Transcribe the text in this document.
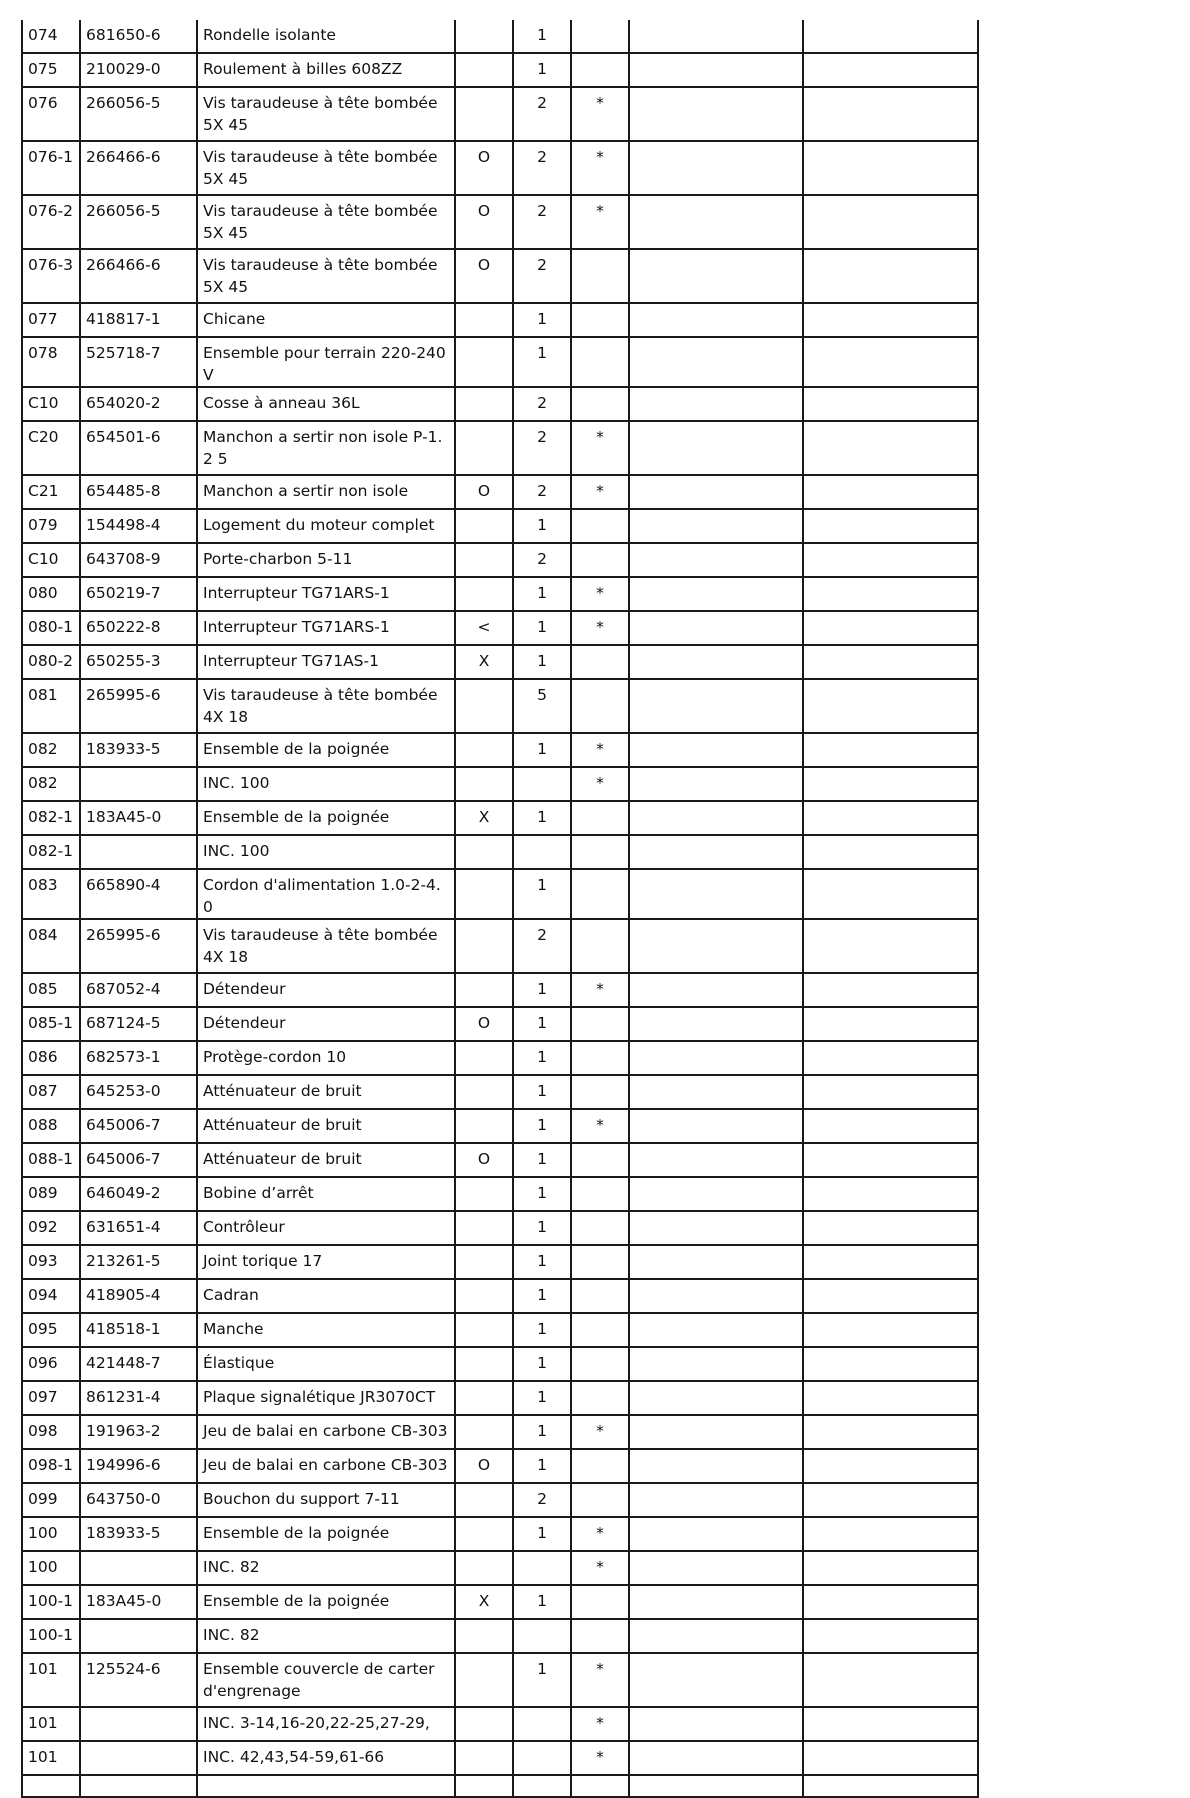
074	681650-6	Rondelle isolante		1			

075	210029-0	Roulement à billes 608ZZ		1			

076	266056-5	Vis taraudeuse à tête bombée 5X 45		2	*		

076-1	266466-6	Vis taraudeuse à tête bombée 5X 45	O	2	*		

076-2	266056-5	Vis taraudeuse à tête bombée 5X 45	O	2	*		

076-3	266466-6	Vis taraudeuse à tête bombée 5X 45	O	2			

077	418817-1	Chicane		1			

078	525718-7	Ensemble pour terrain 220-240V		1			

C10	654020-2	Cosse à anneau 36L		2			

C20	654501-6	Manchon a sertir non isole P-1.2 5		2	*		

C21	654485-8	Manchon a sertir non isole	O	2	*		

079	154498-4	Logement du moteur complet		1			

C10	643708-9	Porte-charbon 5-11		2			

080	650219-7	Interrupteur TG71ARS-1		1	*		

080-1	650222-8	Interrupteur TG71ARS-1	<	1	*		

080-2	650255-3	Interrupteur TG71AS-1	X	1			

081	265995-6	Vis taraudeuse à tête bombée 4X 18		5			

082	183933-5	Ensemble de la poignée		1	*		

082		INC. 100			*		

082-1	183A45-0	Ensemble de la poignée	X	1			

082-1		INC. 100					

083	665890-4	Cordon d'alimentation 1.0-2-4.0		1			

084	265995-6	Vis taraudeuse à tête bombée 4X 18		2			

085	687052-4	Détendeur		1	*		

085-1	687124-5	Détendeur	O	1			

086	682573-1	Protège-cordon 10		1			

087	645253-0	Atténuateur de bruit		1			

088	645006-7	Atténuateur de bruit		1	*		

088-1	645006-7	Atténuateur de bruit	O	1			

089	646049-2	Bobine d’arrêt		1			

092	631651-4	Contrôleur		1			

093	213261-5	Joint torique 17		1			

094	418905-4	Cadran		1			

095	418518-1	Manche		1			

096	421448-7	Élastique		1			

097	861231-4	Plaque signalétique JR3070CT		1			

098	191963-2	Jeu de balai en carbone CB-303		1	*		

098-1	194996-6	Jeu de balai en carbone CB-303	O	1			

099	643750-0	Bouchon du support 7-11		2			

100	183933-5	Ensemble de la poignée		1	*		

100		INC. 82			*		

100-1	183A45-0	Ensemble de la poignée	X	1			

100-1		INC. 82					

101	125524-6	Ensemble couvercle de carter d'engrenage		1	*		

101		INC. 3-14,16-20,22-25,27-29,			*		

101		INC. 42,43,54-59,61-66			*		
